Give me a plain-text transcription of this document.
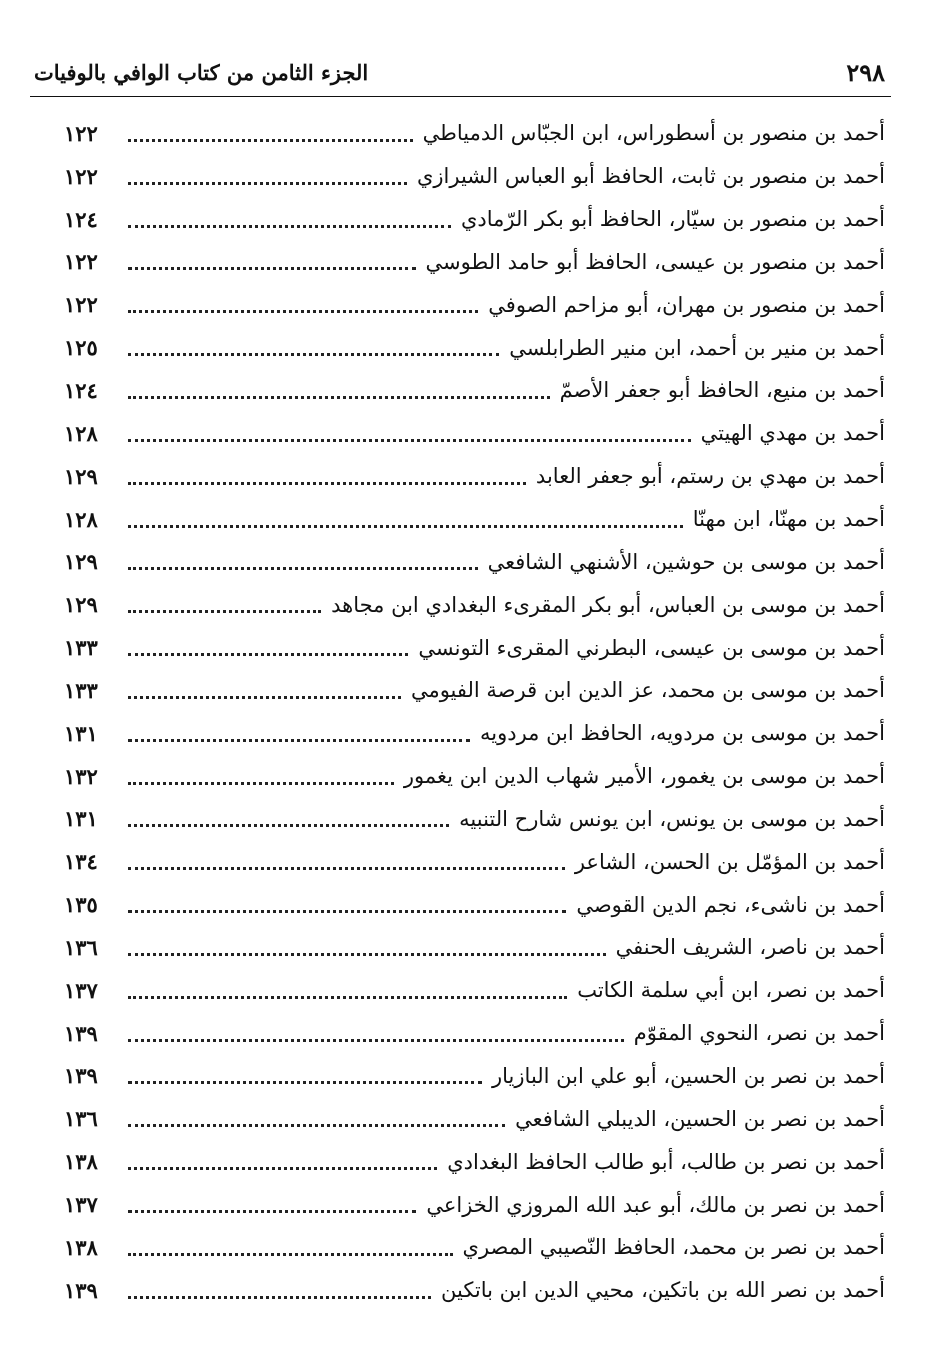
٢٩٨
الجزء الثامن من كتاب الوافي بالوفيات
أحمد بن منصور بن أسطوراس، ابن الجبّاس الدمياطي
١٢٢
أحمد بن منصور بن ثابت، الحافظ أبو العباس الشيرازي
١٢٢
أحمد بن منصور بن سيّار، الحافظ أبو بكر الرّمادي
١٢٤
أحمد بن منصور بن عيسى، الحافظ أبو حامد الطوسي
١٢٢
أحمد بن منصور بن مهران، أبو مزاحم الصوفي
١٢٢
أحمد بن منير بن أحمد، ابن منير الطرابلسي
١٢٥
أحمد بن منيع، الحافظ أبو جعفر الأصمّ
١٢٤
أحمد بن مهدي الهيتي
١٢٨
أحمد بن مهدي بن رستم، أبو جعفر العابد
١٢٩
أحمد بن مهنّا، ابن مهنّا
١٢٨
أحمد بن موسى بن حوشين، الأشنهي الشافعي
١٢٩
أحمد بن موسى بن العباس، أبو بكر المقرىء البغدادي ابن مجاهد
١٢٩
أحمد بن موسى بن عيسى، البطرني المقرىء التونسي
١٣٣
أحمد بن موسى بن محمد، عز الدين ابن قرصة الفيومي
١٣٣
أحمد بن موسى بن مردويه، الحافظ ابن مردويه
١٣١
أحمد بن موسى بن يغمور، الأمير شهاب الدين ابن يغمور
١٣٢
أحمد بن موسى بن يونس، ابن يونس شارح التنبيه
١٣١
أحمد بن المؤمّل بن الحسن، الشاعر
١٣٤
أحمد بن ناشىء، نجم الدين القوصي
١٣٥
أحمد بن ناصر، الشريف الحنفي
١٣٦
أحمد بن نصر، ابن أبي سلمة الكاتب
١٣٧
أحمد بن نصر، النحوي المقوّم
١٣٩
أحمد بن نصر بن الحسين، أبو علي ابن البازيار
١٣٩
أحمد بن نصر بن الحسين، الديبلي الشافعي
١٣٦
أحمد بن نصر بن طالب، أبو طالب الحافظ البغدادي
١٣٨
أحمد بن نصر بن مالك، أبو عبد الله المروزي الخزاعي
١٣٧
أحمد بن نصر بن محمد، الحافظ النّصيبي المصري
١٣٨
أحمد بن نصر الله بن باتكين، محيي الدين ابن باتكين
١٣٩
